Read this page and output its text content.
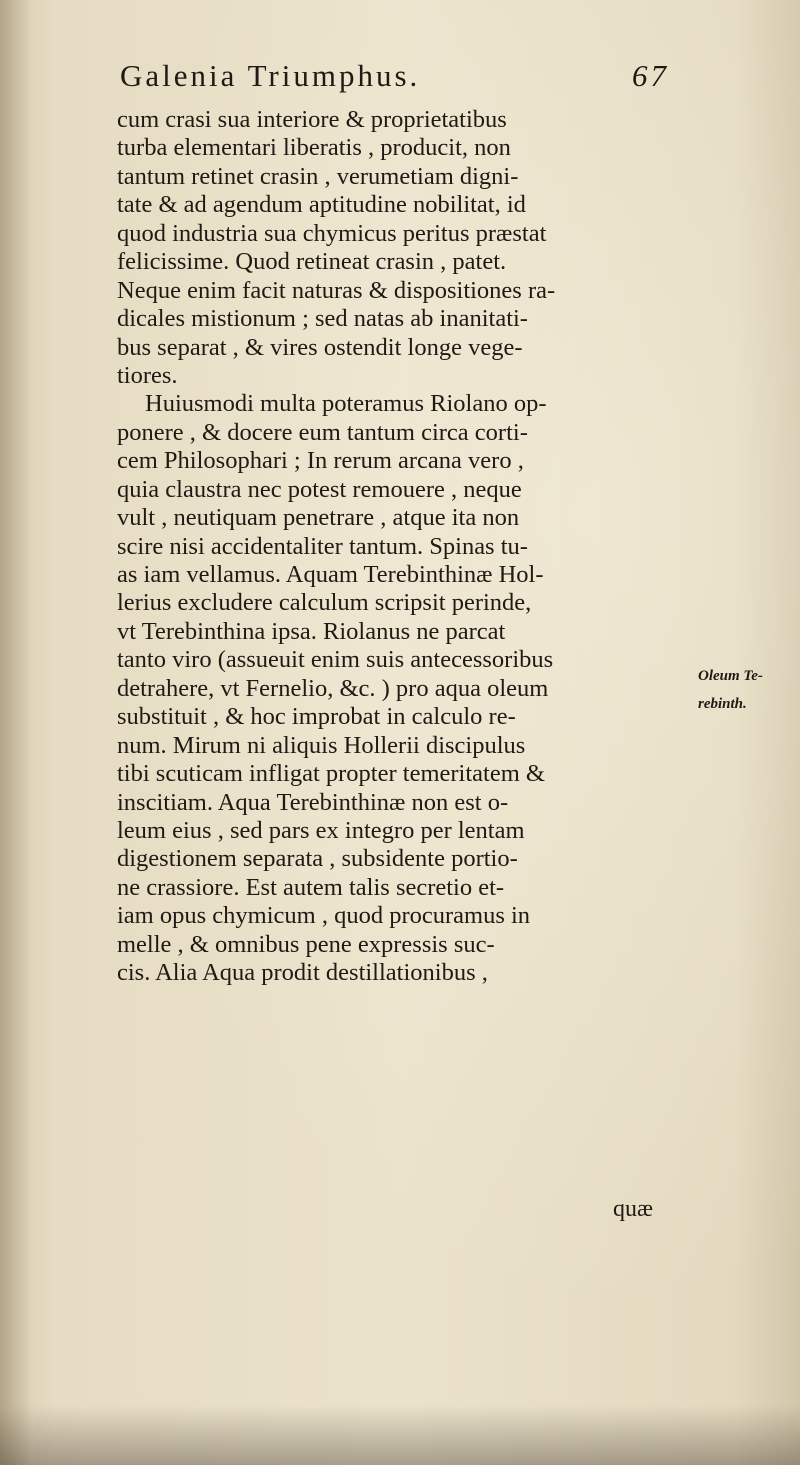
Galenia Triumphus.	67
cum crasi sua interiore & proprietatibus
turba elementari liberatis , producit, non
tantum retinet crasin , verumetiam digni-
tate & ad agendum aptitudine nobilitat, id
quod industria sua chymicus peritus præstat
felicissime. Quod retineat crasin , patet.
Neque enim facit naturas & dispositiones ra-
dicales mistionum ; sed natas ab inanitati-
bus separat , & vires ostendit longe vege-
tiores.
Huiusmodi multa poteramus Riolano op-
ponere , & docere eum tantum circa corti-
cem Philosophari ; In rerum arcana vero ,
quia claustra nec potest remouere , neque
vult , neutiquam penetrare , atque ita non
scire nisi accidentaliter tantum. Spinas tu-
as iam vellamus. Aquam Terebinthinæ Hol-
lerius excludere calculum scripsit perinde,
vt Terebinthina ipsa. Riolanus ne parcat
tanto viro (assueuit enim suis antecessoribus
detrahere, vt Fernelio, &c. ) pro aqua oleum
substituit , & hoc improbat in calculo re-
num. Mirum ni aliquis Hollerii discipulus
tibi scuticam infligat propter temeritatem &
inscitiam. Aqua Terebinthinæ non est o-
leum eius , sed pars ex integro per lentam
digestionem separata , subsidente portio-
ne crassiore. Est autem talis secretio et-
iam opus chymicum , quod procuramus in
melle , & omnibus pene expressis suc-
cis. Alia Aqua prodit destillationibus ,
Oleum Te-
rebinth.
quæ
